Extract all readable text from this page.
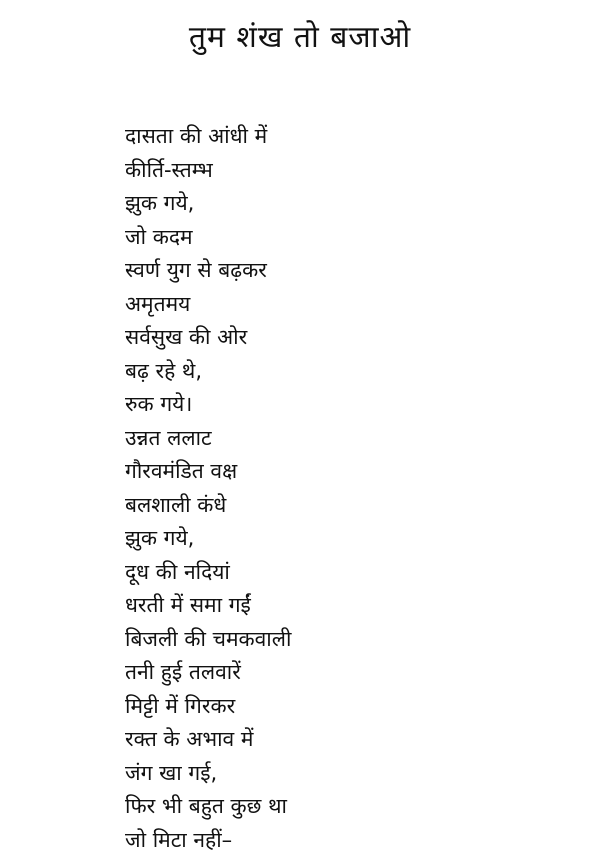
तुम शंख तो बजाओ
दासता की आंधी में
कीर्ति-स्तम्भ
झुक गये,
जो कदम
स्वर्ण युग से बढ़कर
अमृतमय
सर्वसुख की ओर
बढ़ रहे थे,
रुक गये।
उन्नत ललाट
गौरवमंडित वक्ष
बलशाली कंधे
झुक गये,
दूध की नदियां
धरती में समा गईं
बिजली की चमकवाली
तनी हुई तलवारें
मिट्टी में गिरकर
रक्त के अभाव में
जंग खा गई,
फिर भी बहुत कुछ था
जो मिटा नहीं–
